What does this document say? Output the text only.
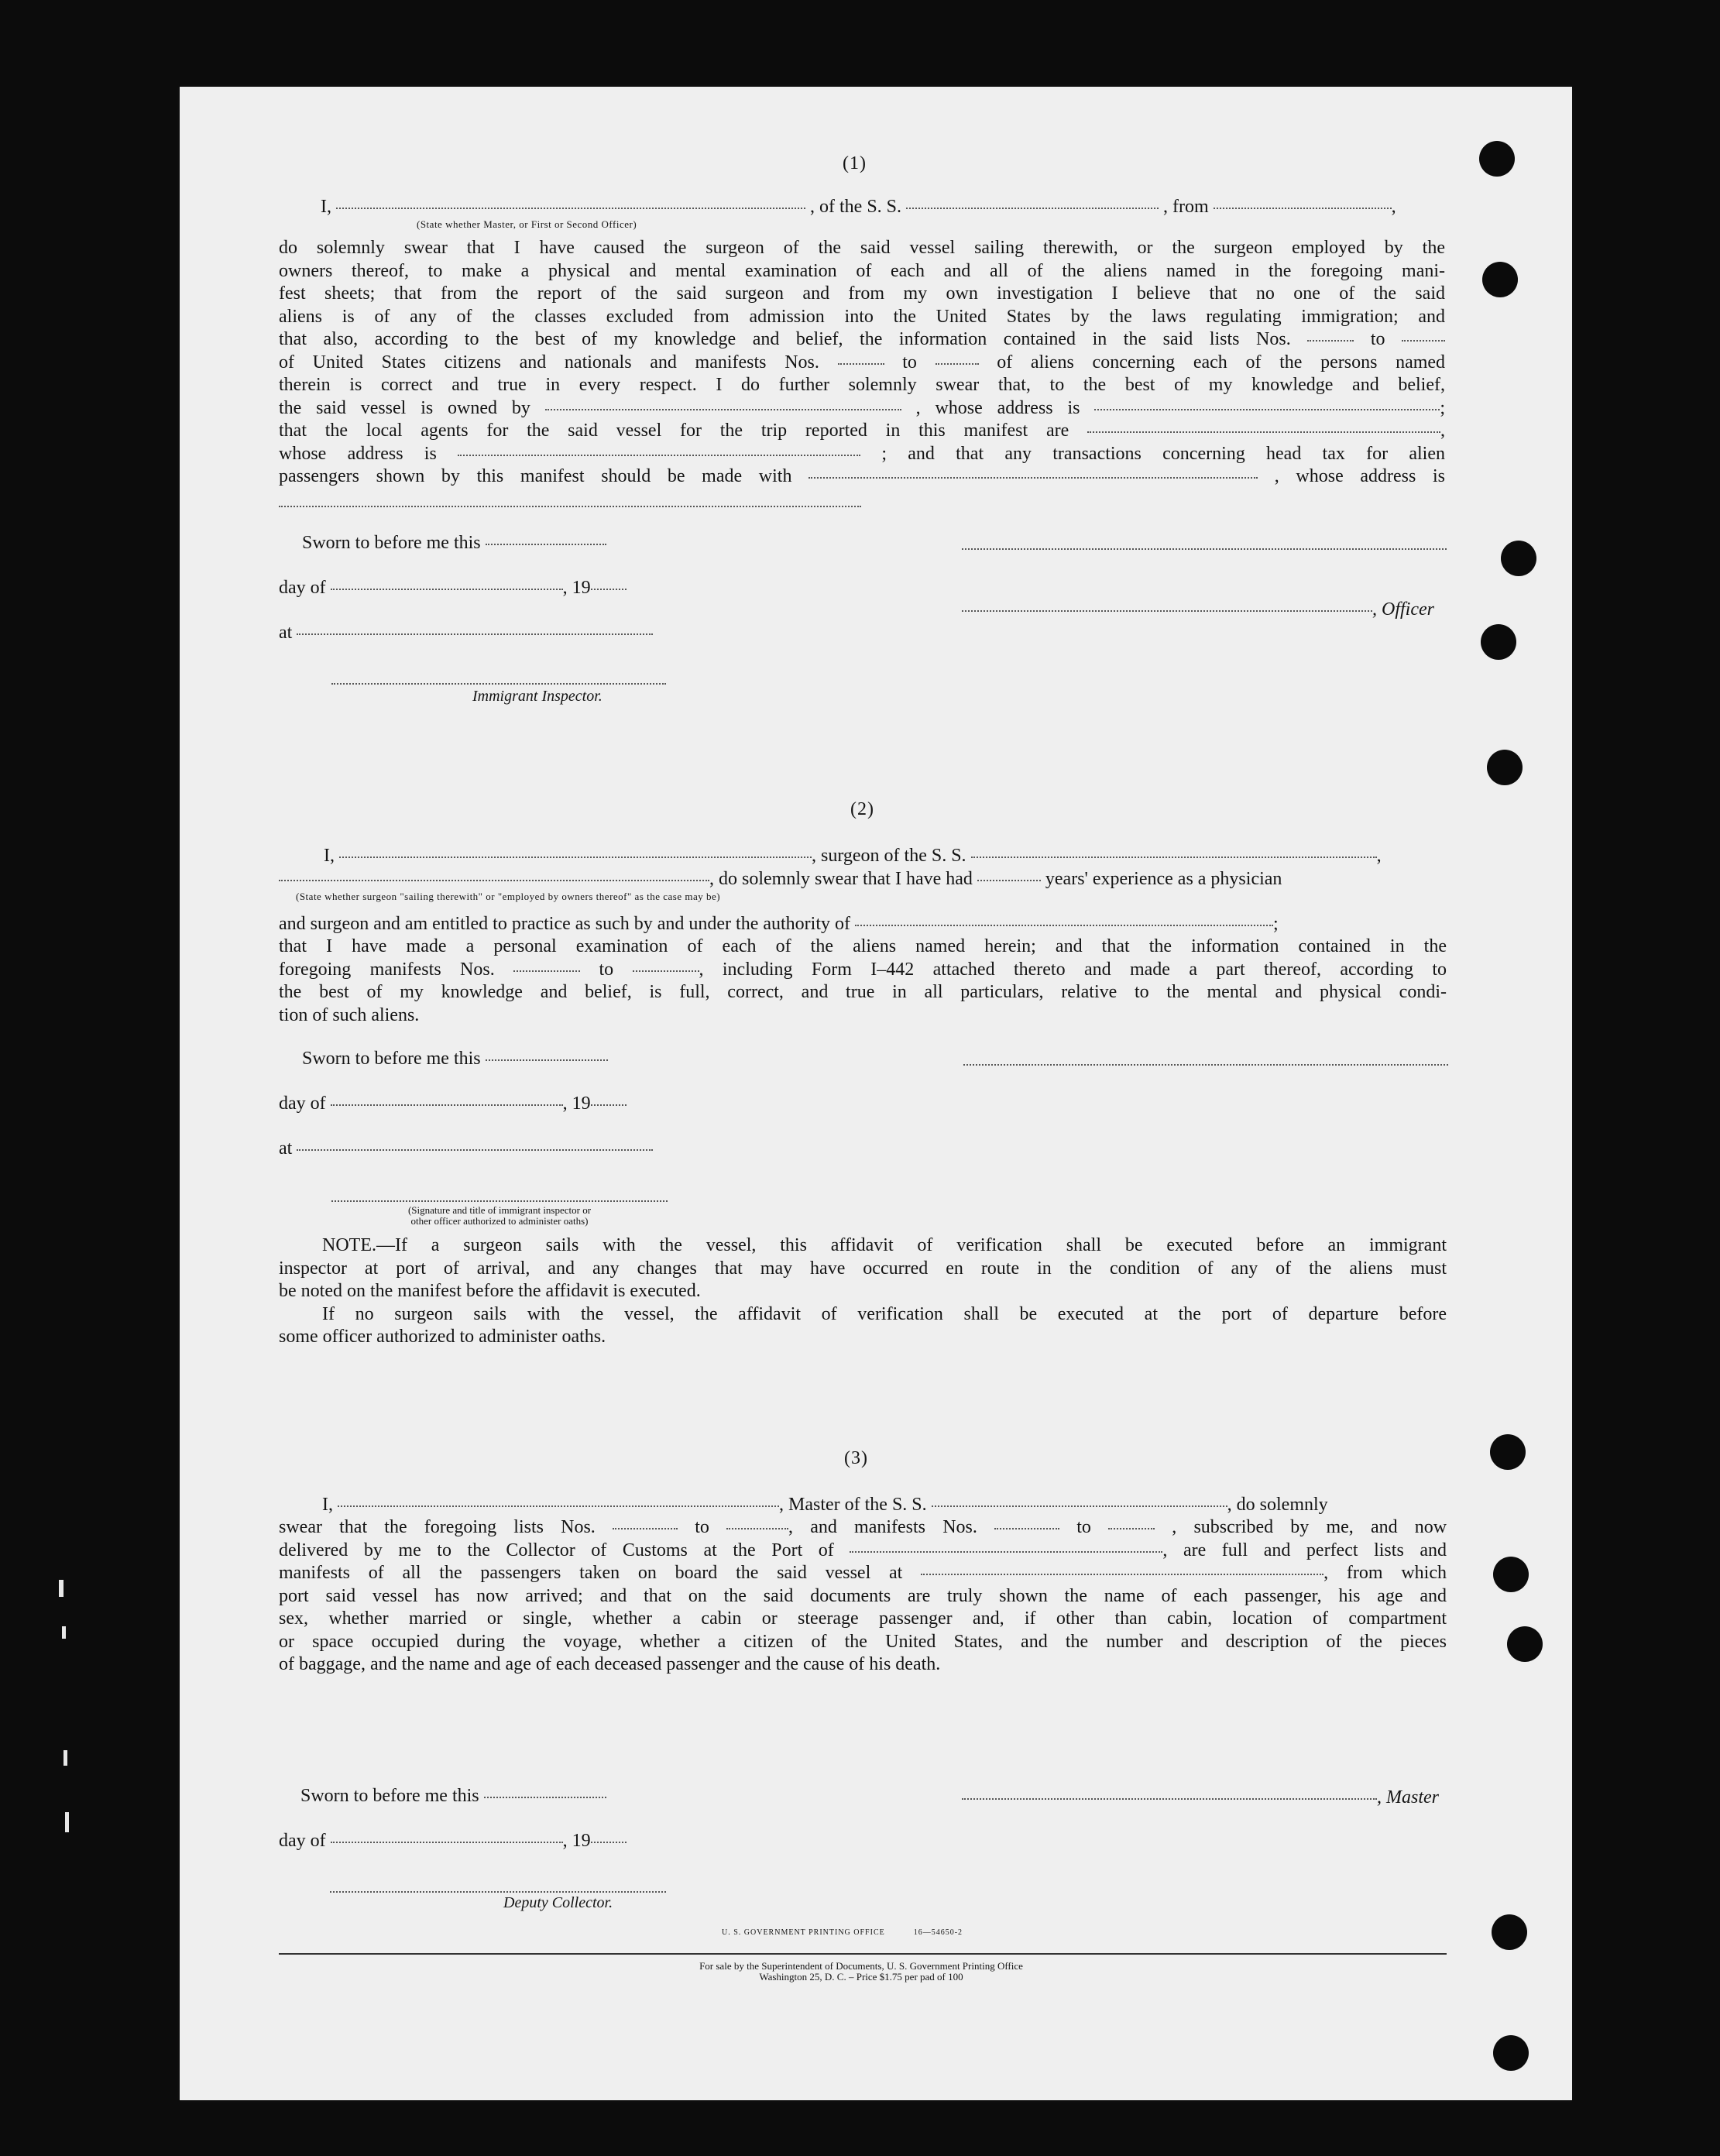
(1)
I,	, of the S. S.	, from	,
(State whether Master, or First or Second Officer)
do solemnly swear that I have caused the surgeon of the said vessel sailing therewith, or the surgeon employed by the
owners thereof, to make a physical and mental examination of each and all of the aliens named in the foregoing mani-
fest sheets; that from the report of the said surgeon and from my own investigation I believe that no one of the said
aliens is of any of the classes excluded from admission into the United States by the laws regulating immigration; and
that also, according to the best of my knowledge and belief, the information contained in the said lists Nos.	to
of United States citizens and nationals and manifests Nos.	to	of aliens concerning each of the persons named
therein is correct and true in every respect. I do further solemnly swear that, to the best of my knowledge and belief,
the said vessel is owned by	, whose address is	;
that the local agents for the said vessel for the trip reported in this manifest are	,
whose address is	; and that any transactions concerning head tax for alien
passengers shown by this manifest should be made with	, whose address is
Sworn to before me this
day of	, 19
, Officer
at
Immigrant Inspector.
(2)
I,	, surgeon of the S. S.	,
, do solemnly swear that I have had	years' experience as a physician
(State whether surgeon "sailing therewith" or "employed by owners thereof" as the case may be)
and surgeon and am entitled to practice as such by and under the authority of	;
that I have made a personal examination of each of the aliens named herein; and that the information contained in the
foregoing manifests Nos.	to	, including Form I–442 attached thereto and made a part thereof, according to
the best of my knowledge and belief, is full, correct, and true in all particulars, relative to the mental and physical condi-
tion of such aliens.
Sworn to before me this
day of	, 19
at
(Signature and title of immigrant inspector or
other officer authorized to administer oaths)
NOTE.—If a surgeon sails with the vessel, this affidavit of verification shall be executed before an immigrant
inspector at port of arrival, and any changes that may have occurred en route in the condition of any of the aliens must
be noted on the manifest before the affidavit is executed.
If no surgeon sails with the vessel, the affidavit of verification shall be executed at the port of departure before
some officer authorized to administer oaths.
(3)
I,	, Master of the S. S.	, do solemnly
swear that the foregoing lists Nos.	to	, and manifests Nos.	to	, subscribed by me, and now
delivered by me to the Collector of Customs at the Port of	, are full and perfect lists and
manifests of all the passengers taken on board the said vessel at	, from which
port said vessel has now arrived; and that on the said documents are truly shown the name of each passenger, his age and
sex, whether married or single, whether a cabin or steerage passenger and, if other than cabin, location of compartment
or space occupied during the voyage, whether a citizen of the United States, and the number and description of the pieces
of baggage, and the name and age of each deceased passenger and the cause of his death.
Sworn to before me this	, Master
day of	, 19
Deputy Collector.
U. S. GOVERNMENT PRINTING OFFICE	16—54650-2
For sale by the Superintendent of Documents, U. S. Government Printing Office
Washington 25, D. C. – Price $1.75 per pad of 100
